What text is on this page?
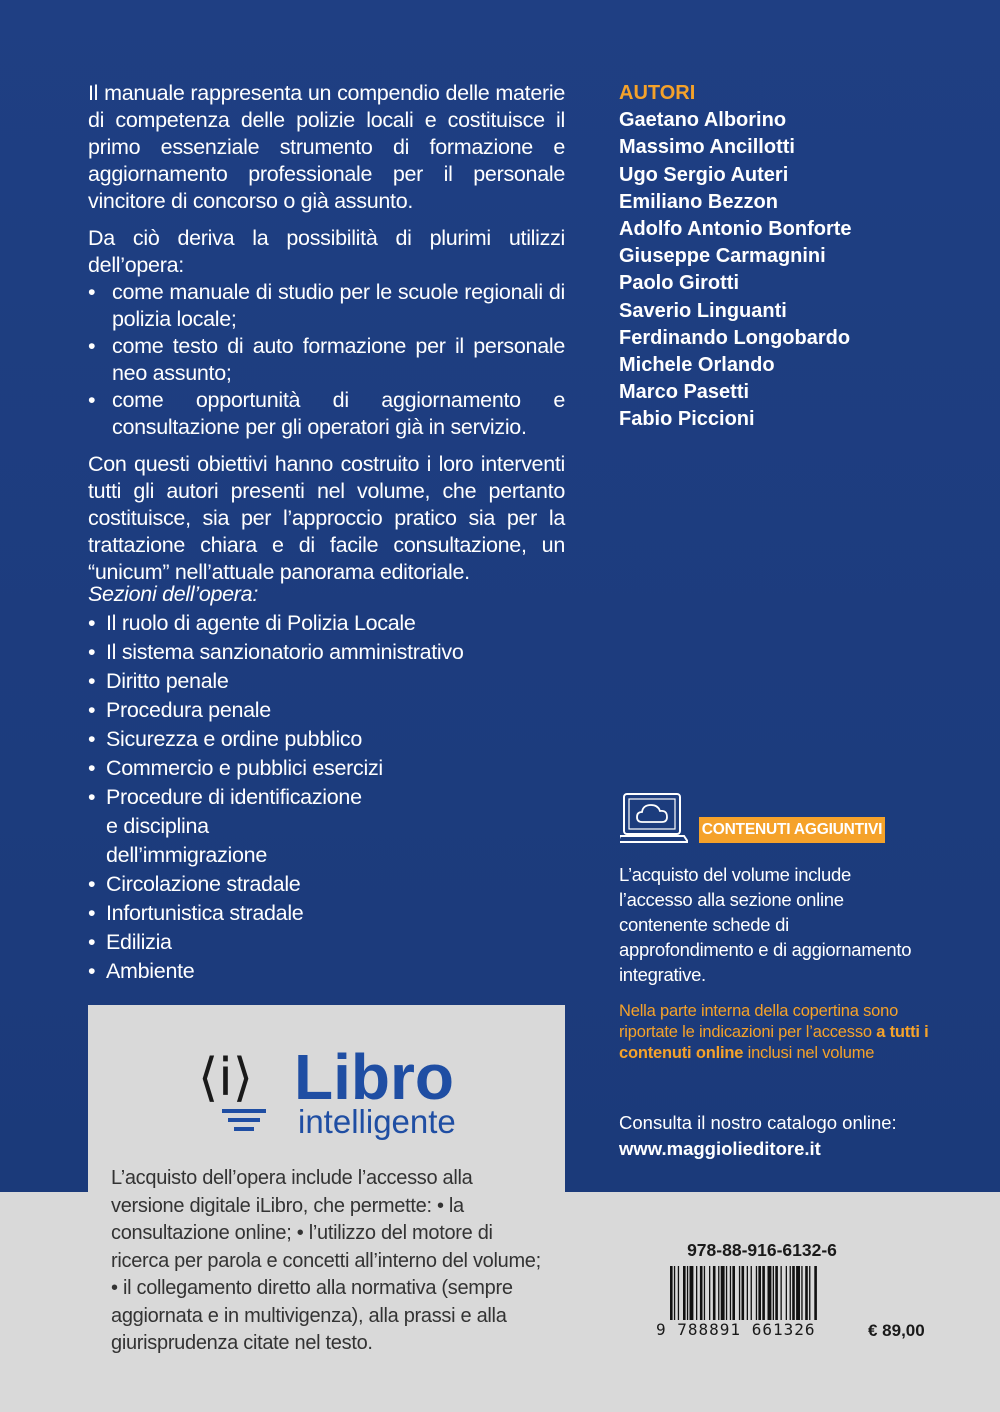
Il manuale rappresenta un compendio delle materie di competenza delle polizie locali e costituisce il primo essenziale strumento di formazione e aggiornamento professionale per il personale vincitore di concorso o già assunto.

Da ciò deriva la possibilità di plurimi utilizzi dell’opera:

• come manuale di studio per le scuole regionali di polizia locale;
• come testo di auto formazione per il personale neo assunto;
• come opportunità di aggiornamento e consultazione per gli operatori già in servizio.

Con questi obiettivi hanno costruito i loro interventi tutti gli autori presenti nel volume, che pertanto costituisce, sia per l’approccio pratico sia per la trattazione chiara e di facile consultazione, un “unicum” nell’attuale panorama editoriale.

Sezioni dell’opera:

• Il ruolo di agente di Polizia Locale
• Il sistema sanzionatorio amministrativo
• Diritto penale
• Procedura penale
• Sicurezza e ordine pubblico
• Commercio e pubblici esercizi
• Procedure di identificazione e disciplina dell’immigrazione
• Circolazione stradale
• Infortunistica stradale
• Edilizia
• Ambiente

AUTORI

Gaetano Alborino
Massimo Ancillotti
Ugo Sergio Auteri
Emiliano Bezzon
Adolfo Antonio Bonforte
Giuseppe Carmagnini
Paolo Girotti
Saverio Linguanti
Ferdinando Longobardo
Michele Orlando
Marco Pasetti
Fabio Piccioni
CONTENUTI AGGIUNTIVI
L’acquisto del volume include l’accesso alla sezione online contenente schede di approfondimento e di aggiornamento integrative.
Nella parte interna della copertina sono riportate le indicazioni per l’accesso a tutti i contenuti online inclusi nel volume
Consulta il nostro catalogo online:
www.maggiolieditore.it
⟨i⟩ Libro
intelligente
L’acquisto dell’opera include l’accesso alla versione digitale iLibro, che permette: • la consultazione online; • l’utilizzo del motore di ricerca per parola e concetti all’interno del volume; • il collegamento diretto alla normativa (sempre aggiornata e in multivigenza), alla prassi e alla giurisprudenza citate nel testo.
978-88-916-6132-6
9 788891 661326	€ 89,00
